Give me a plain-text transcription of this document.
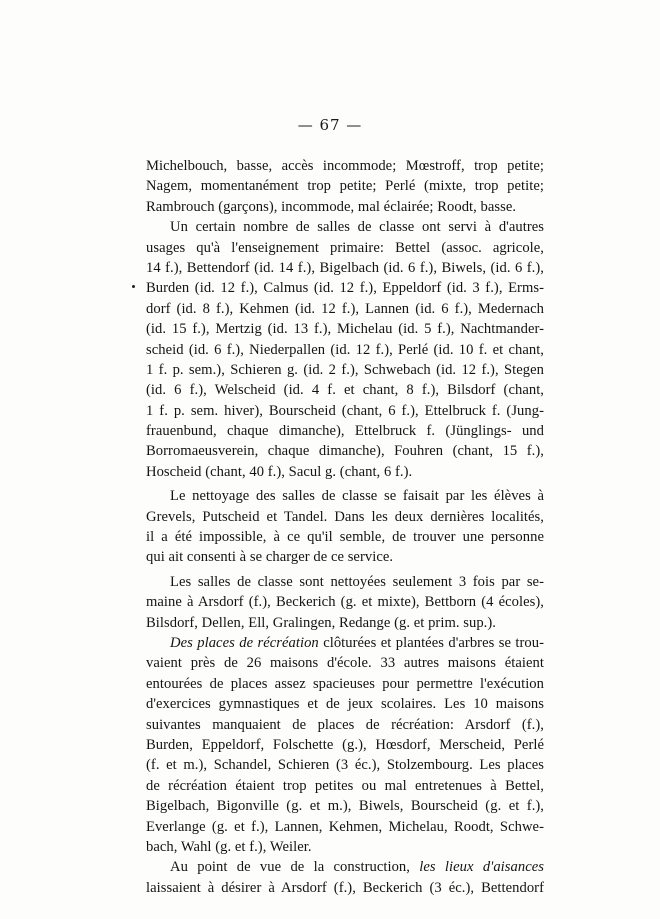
— 67 —
Michelbouch, basse, accès incommode; Mœstroff, trop petite;
Nagem, momentanément trop petite; Perlé (mixte, trop petite;
Rambrouch (garçons), incommode, mal éclairée; Roodt, basse.
Un certain nombre de salles de classe ont servi à d'autres
usages qu'à l'enseignement primaire: Bettel (assoc. agricole,
14 f.), Bettendorf (id. 14 f.), Bigelbach (id. 6 f.), Biwels, (id. 6 f.),
Burden (id. 12 f.), Calmus (id. 12 f.), Eppeldorf (id. 3 f.), Erms-
dorf (id. 8 f.), Kehmen (id. 12 f.), Lannen (id. 6 f.), Medernach
(id. 15 f.), Mertzig (id. 13 f.), Michelau (id. 5 f.), Nachtmander-
scheid (id. 6 f.), Niederpallen (id. 12 f.), Perlé (id. 10 f. et chant,
1 f. p. sem.), Schieren g. (id. 2 f.), Schwebach (id. 12 f.), Stegen
(id. 6 f.), Welscheid (id. 4 f. et chant, 8 f.), Bilsdorf (chant,
1 f. p. sem. hiver), Bourscheid (chant, 6 f.), Ettelbruck f. (Jung-
frauenbund, chaque dimanche), Ettelbruck f. (Jünglings- und
Borromaeusverein, chaque dimanche), Fouhren (chant, 15 f.),
Hoscheid (chant, 40 f.), Sacul g. (chant, 6 f.).
Le nettoyage des salles de classe se faisait par les élèves à
Grevels, Putscheid et Tandel. Dans les deux dernières localités,
il a été impossible, à ce qu'il semble, de trouver une personne
qui ait consenti à se charger de ce service.
Les salles de classe sont nettoyées seulement 3 fois par se-
maine à Arsdorf (f.), Beckerich (g. et mixte), Bettborn (4 écoles),
Bilsdorf, Dellen, Ell, Gralingen, Redange (g. et prim. sup.).
Des places de récréation clôturées et plantées d'arbres se trou-
vaient près de 26 maisons d'école. 33 autres maisons étaient
entourées de places assez spacieuses pour permettre l'exécution
d'exercices gymnastiques et de jeux scolaires. Les 10 maisons
suivantes manquaient de places de récréation: Arsdorf (f.),
Burden, Eppeldorf, Folschette (g.), Hœsdorf, Merscheid, Perlé
(f. et m.), Schandel, Schieren (3 éc.), Stolzembourg. Les places
de récréation étaient trop petites ou mal entretenues à Bettel,
Bigelbach, Bigonville (g. et m.), Biwels, Bourscheid (g. et f.),
Everlange (g. et f.), Lannen, Kehmen, Michelau, Roodt, Schwe-
bach, Wahl (g. et f.), Weiler.
Au point de vue de la construction, les lieux d'aisances
laissaient à désirer à Arsdorf (f.), Beckerich (3 éc.), Bettendorf
